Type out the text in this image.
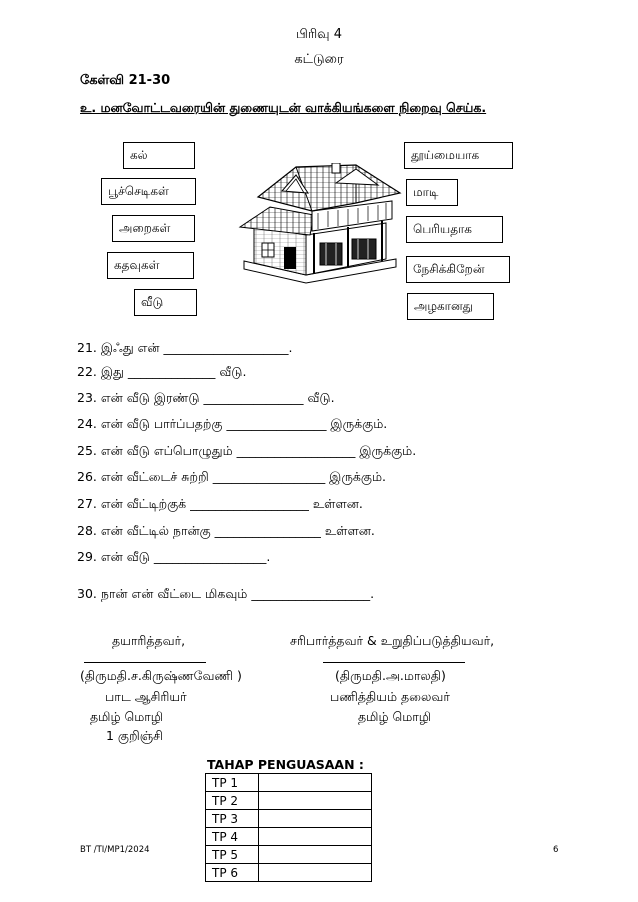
பிரிவு 4
கட்டுரை
கேள்வி 21-30
உ. மனவோட்டவரையின் துணையுடன் வாக்கியங்களை நிறைவு செய்க.
கல்
பூச்செடிகள்
அறைகள்
கதவுகள்
வீடு
தூய்மையாக
மாடி
பெரியதாக
நேசிக்கிறேன்
அழகானது
21. இஃது என் ____________________.
22. இது ______________ வீடு.
23. என் வீடு இரண்டு ________________ வீடு.
24. என் வீடு பார்ப்பதற்கு ________________ இருக்கும்.
25. என் வீடு எப்பொழுதும் ___________________ இருக்கும்.
26. என் வீட்டைச் சுற்றி __________________ இருக்கும்.
27. என் வீட்டிற்குக் ___________________ உள்ளன.
28. என் வீட்டில் நான்கு _________________ உள்ளன.
29. என் வீடு __________________.
30. நான் என் வீட்டை மிகவும் ___________________.
தயாரித்தவர்,	சரிபார்த்தவர் & உறுதிப்படுத்தியவர்,
(திருமதி.ச.கிருஷ்ணவேணி )	(திருமதி.அ.மாலதி)
பாட ஆசிரியர்	பணித்தியம் தலைவர்
தமிழ் மொழி	தமிழ் மொழி
1 குறிஞ்சி
TAHAP PENGUASAAN :
TP 1	
TP 2	
TP 3	
TP 4	
TP 5	
TP 6	
BT /TI/MP1/2024	6
